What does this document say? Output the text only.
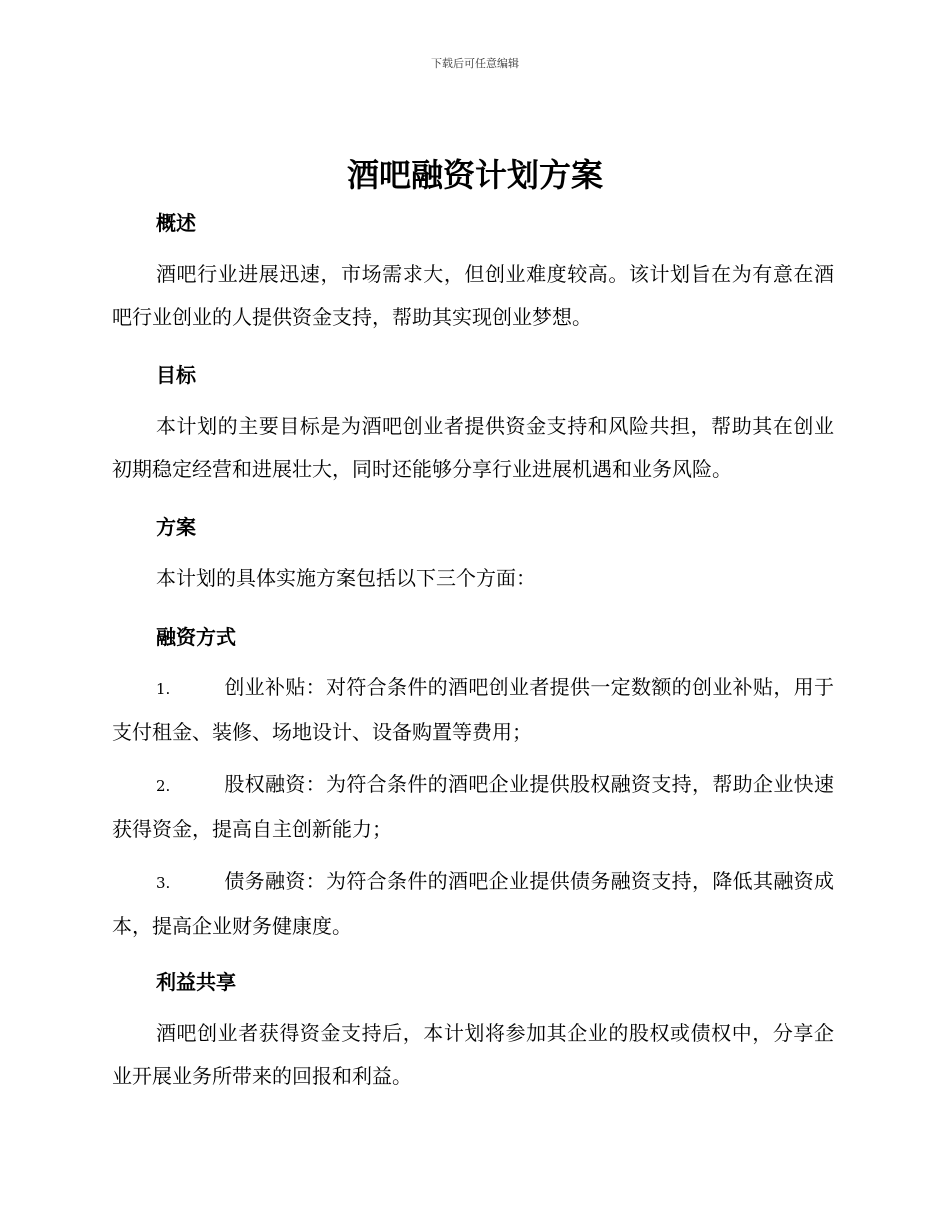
下载后可任意编辑
酒吧融资计划方案
概述

酒吧行业进展迅速，市场需求大，但创业难度较高。该计划旨在为有意在酒吧行业创业的人提供资金支持，帮助其实现创业梦想。

目标

本计划的主要目标是为酒吧创业者提供资金支持和风险共担，帮助其在创业初期稳定经营和进展壮大，同时还能够分享行业进展机遇和业务风险。

方案

本计划的具体实施方案包括以下三个方面：

融资方式

1.	创业补贴：对符合条件的酒吧创业者提供一定数额的创业补贴，用于支付租金、装修、场地设计、设备购置等费用；

2.	股权融资：为符合条件的酒吧企业提供股权融资支持，帮助企业快速获得资金，提高自主创新能力；

3.	债务融资：为符合条件的酒吧企业提供债务融资支持，降低其融资成本，提高企业财务健康度。

利益共享

酒吧创业者获得资金支持后，本计划将参加其企业的股权或债权中，分享企业开展业务所带来的回报和利益。
